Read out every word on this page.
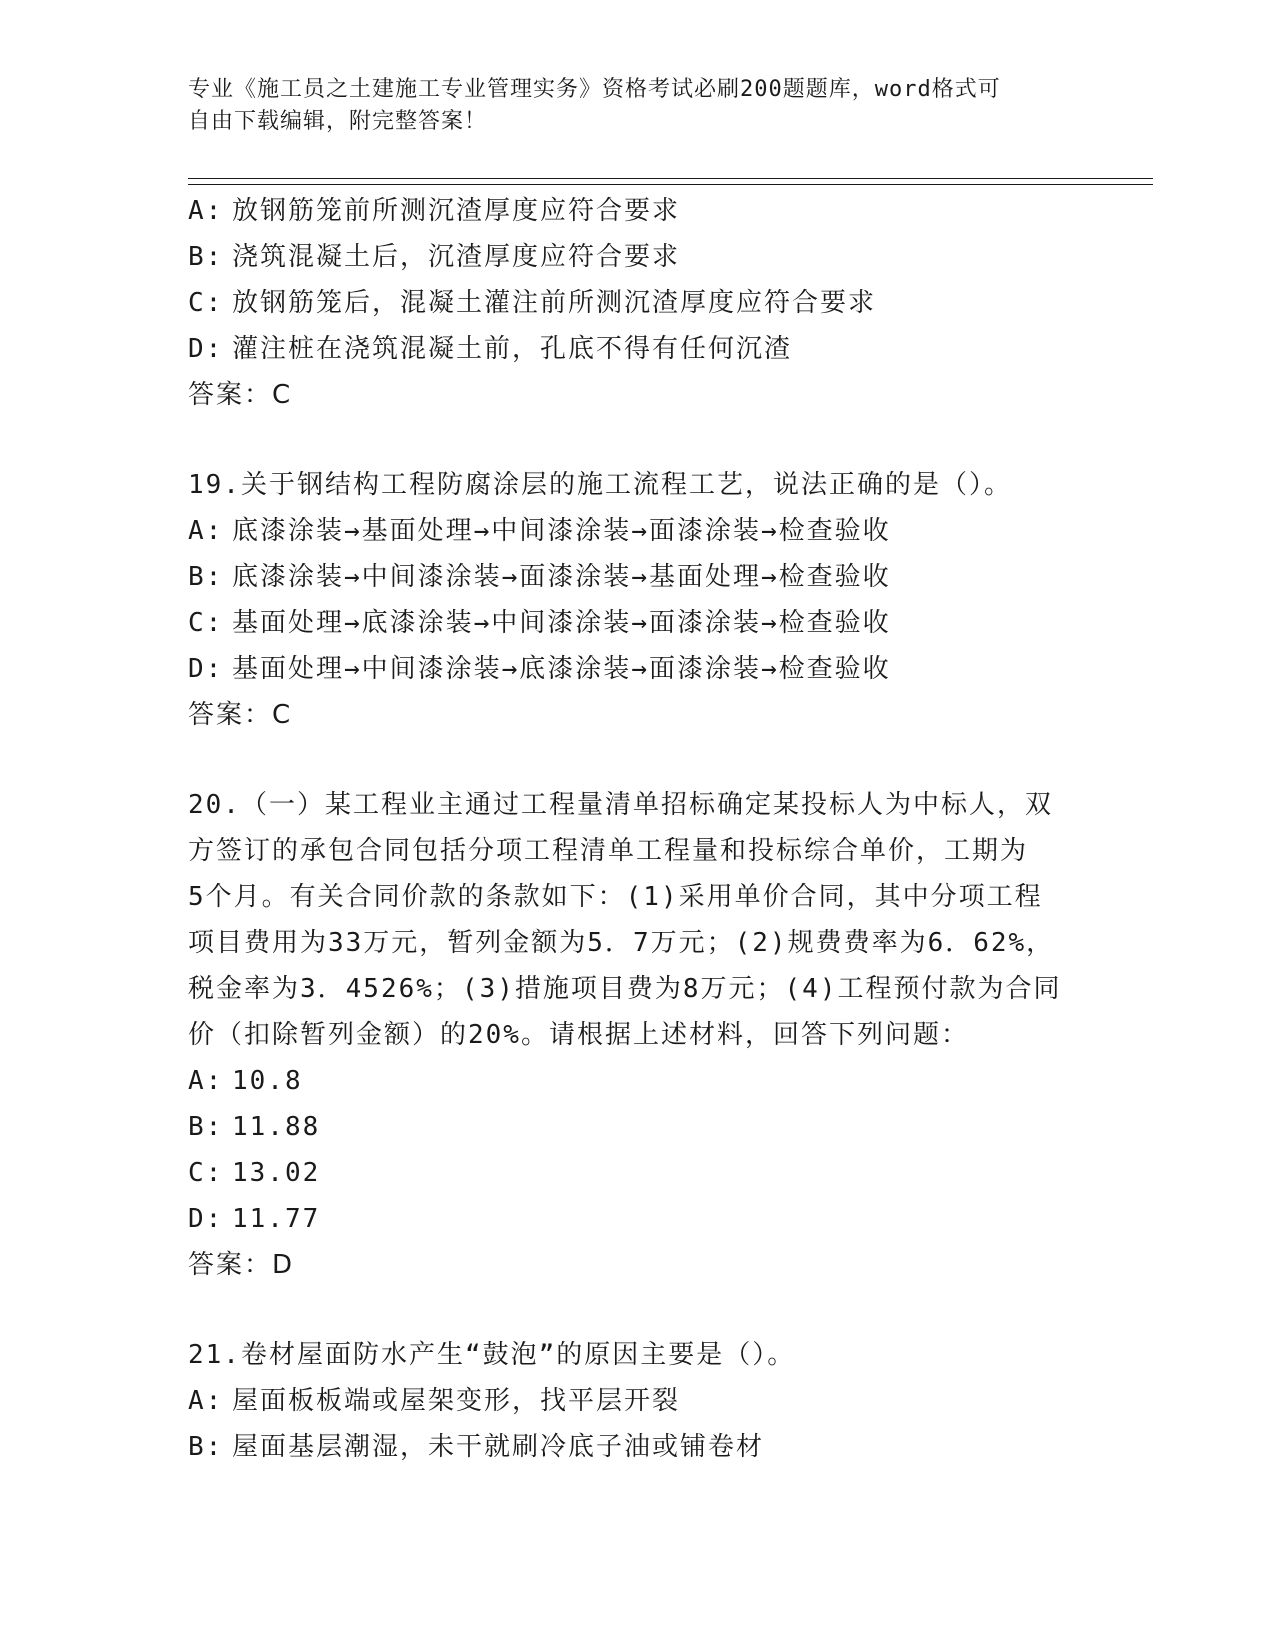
专业《施工员之土建施工专业管理实务》资格考试必刷200题题库，word格式可
自由下载编辑，附完整答案！
A: 放钢筋笼前所测沉渣厚度应符合要求
B: 浇筑混凝土后，沉渣厚度应符合要求
C: 放钢筋笼后，混凝土灌注前所测沉渣厚度应符合要求
D: 灌注桩在浇筑混凝土前，孔底不得有任何沉渣
答案：C
19.关于钢结构工程防腐涂层的施工流程工艺，说法正确的是（）。
A: 底漆涂装→基面处理→中间漆涂装→面漆涂装→检查验收
B: 底漆涂装→中间漆涂装→面漆涂装→基面处理→检查验收
C: 基面处理→底漆涂装→中间漆涂装→面漆涂装→检查验收
D: 基面处理→中间漆涂装→底漆涂装→面漆涂装→检查验收
答案：C
20.（一）某工程业主通过工程量清单招标确定某投标人为中标人，双
方签订的承包合同包括分项工程清单工程量和投标综合单价，工期为
5个月。有关合同价款的条款如下：(1)采用单价合同，其中分项工程
项目费用为33万元，暂列金额为5．7万元；(2)规费费率为6．62%，
税金率为3．4526%；(3)措施项目费为8万元；(4)工程预付款为合同
价（扣除暂列金额）的20%。请根据上述材料，回答下列问题：
A: 10.8
B: 11.88
C: 13.02
D: 11.77
答案：D
21.卷材屋面防水产生“鼓泡”的原因主要是（）。
A: 屋面板板端或屋架变形，找平层开裂
B: 屋面基层潮湿，未干就刷冷底子油或铺卷材
